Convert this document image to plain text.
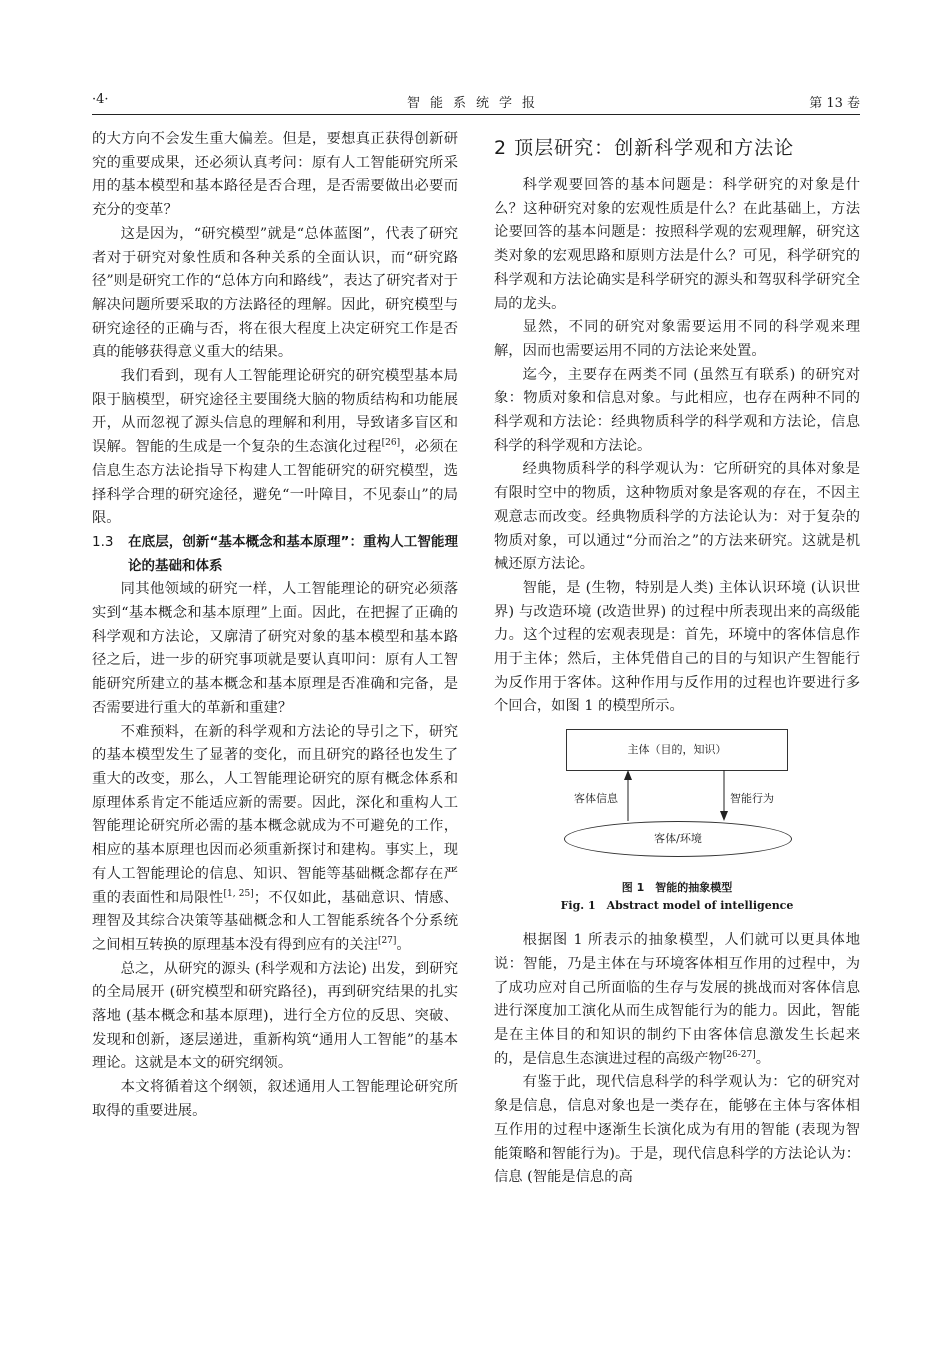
·4·	智能系统学报	第 13 卷

的大方向不会发生重大偏差。但是，要想真正获得创新研究的重要成果，还必须认真考问：原有人工智能研究所采用的基本模型和基本路径是否合理，是否需要做出必要而充分的变革？

这是因为，“研究模型”就是“总体蓝图”，代表了研究者对于研究对象性质和各种关系的全面认识，而“研究路径”则是研究工作的“总体方向和路线”，表达了研究者对于解决问题所要采取的方法路径的理解。因此，研究模型与研究途径的正确与否，将在很大程度上决定研究工作是否真的能够获得意义重大的结果。

我们看到，现有人工智能理论研究的研究模型基本局限于脑模型，研究途径主要围绕大脑的物质结构和功能展开，从而忽视了源头信息的理解和利用，导致诸多盲区和误解。智能的生成是一个复杂的生态演化过程[26]，必须在信息生态方法论指导下构建人工智能研究的研究模型，选择科学合理的研究途径，避免“一叶障目，不见泰山”的局限。

1.3 在底层，创新“基本概念和基本原理”：重构人工智能理论的基础和体系

同其他领域的研究一样，人工智能理论的研究必须落实到“基本概念和基本原理”上面。因此，在把握了正确的科学观和方法论，又廓清了研究对象的基本模型和基本路径之后，进一步的研究事项就是要认真叩问：原有人工智能研究所建立的基本概念和基本原理是否准确和完备，是否需要进行重大的革新和重建？

不难预料，在新的科学观和方法论的导引之下，研究的基本模型发生了显著的变化，而且研究的路径也发生了重大的改变，那么，人工智能理论研究的原有概念体系和原理体系肯定不能适应新的需要。因此，深化和重构人工智能理论研究所必需的基本概念就成为不可避免的工作，相应的基本原理也因而必须重新探讨和建构。事实上，现有人工智能理论的信息、知识、智能等基础概念都存在严重的表面性和局限性[1, 25]；不仅如此，基础意识、情感、理智及其综合决策等基础概念和人工智能系统各个分系统之间相互转换的原理基本没有得到应有的关注[27]。

总之，从研究的源头 (科学观和方法论) 出发，到研究的全局展开 (研究模型和研究路径)，再到研究结果的扎实落地 (基本概念和基本原理)，进行全方位的反思、突破、发现和创新，逐层递进，重新构筑“通用人工智能”的基本理论。这就是本文的研究纲领。

本文将循着这个纲领，叙述通用人工智能理论研究所取得的重要进展。

2 顶层研究：创新科学观和方法论

科学观要回答的基本问题是：科学研究的对象是什么？这种研究对象的宏观性质是什么？在此基础上，方法论要回答的基本问题是：按照科学观的宏观理解，研究这类对象的宏观思路和原则方法是什么？可见，科学研究的科学观和方法论确实是科学研究的源头和驾驭科学研究全局的龙头。

显然，不同的研究对象需要运用不同的科学观来理解，因而也需要运用不同的方法论来处置。

迄今，主要存在两类不同 (虽然互有联系) 的研究对象：物质对象和信息对象。与此相应，也存在两种不同的科学观和方法论：经典物质科学的科学观和方法论，信息科学的科学观和方法论。

经典物质科学的科学观认为：它所研究的具体对象是有限时空中的物质，这种物质对象是客观的存在，不因主观意志而改变。经典物质科学的方法论认为：对于复杂的物质对象，可以通过“分而治之”的方法来研究。这就是机械还原方法论。

智能，是 (生物，特别是人类) 主体认识环境 (认识世界) 与改造环境 (改造世界) 的过程中所表现出来的高级能力。这个过程的宏观表现是：首先，环境中的客体信息作用于主体；然后，主体凭借自己的目的与知识产生智能行为反作用于客体。这种作用与反作用的过程也许要进行多个回合，如图 1 的模型所示。

主体（目的，知识）
客体信息	智能行为
客体/环境
图 1　智能的抽象模型
Fig. 1　Abstract model of intelligence

根据图 1 所表示的抽象模型，人们就可以更具体地说：智能，乃是主体在与环境客体相互作用的过程中，为了成功应对自己所面临的生存与发展的挑战而对客体信息进行深度加工演化从而生成智能行为的能力。因此，智能是在主体目的和知识的制约下由客体信息激发生长起来的，是信息生态演进过程的高级产物[26-27]。

有鉴于此，现代信息科学的科学观认为：它的研究对象是信息，信息对象也是一类存在，能够在主体与客体相互作用的过程中逐渐生长演化成为有用的智能 (表现为智能策略和智能行为)。于是，现代信息科学的方法论认为：信息 (智能是信息的高
